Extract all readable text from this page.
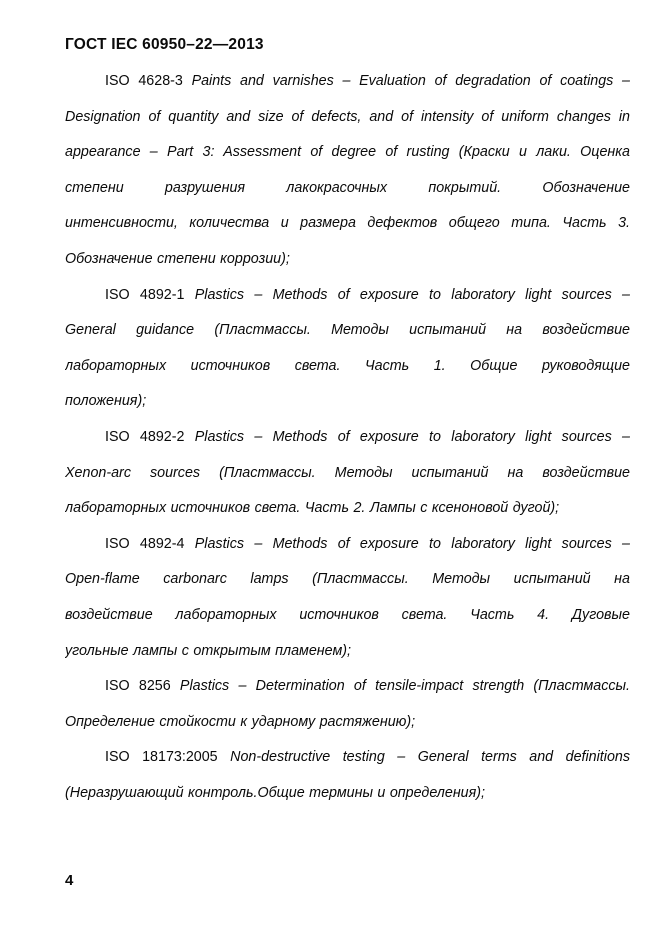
ГОСТ IEC 60950–22—2013
ISO 4628-3 Paints and varnishes – Evaluation of degradation of coatings –
Designation of quantity and size of defects, and of intensity of uniform changes in
appearance – Part 3: Assessment of degree of rusting (Краски и лаки. Оценка
степени разрушения лакокрасочных покрытий. Обозначение
интенсивности, количества и размера дефектов общего типа. Часть 3.
Обозначение степени коррозии);
ISO 4892-1 Plastics – Methods of exposure to laboratory light sources –
General guidance (Пластмассы. Методы испытаний на воздействие
лабораторных источников света. Часть 1. Общие руководящие
положения);
ISO 4892-2 Plastics – Methods of exposure to laboratory light sources –
Xenon-arc sources (Пластмассы. Методы испытаний на воздействие
лабораторных источников света. Часть 2. Лампы с ксеноновой дугой);
ISO 4892-4 Plastics – Methods of exposure to laboratory light sources –
Open-flame carbonarc lamps (Пластмассы. Методы испытаний на
воздействие лабораторных источников света. Часть 4. Дуговые
угольные лампы с открытым пламенем);
ISO 8256 Plastics – Determination of tensile-impact strength (Пластмассы.
Определение стойкости к ударному растяжению);
ISO 18173:2005 Non-destructive testing – General terms and definitions
(Неразрушающий контроль.Общие термины и определения);
4
